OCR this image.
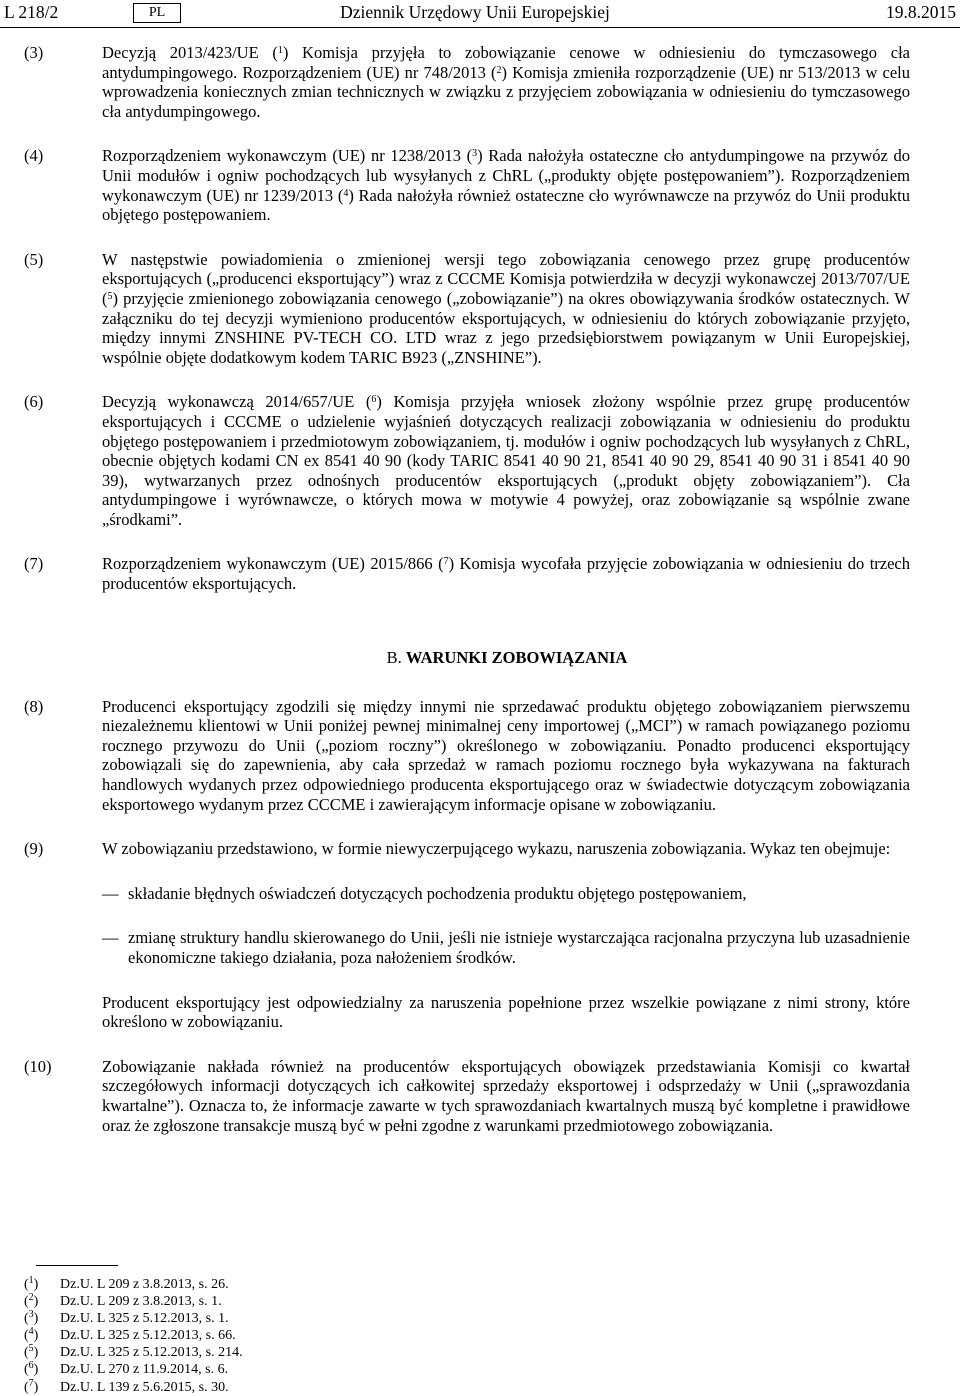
L 218/2	PL	Dziennik Urzędowy Unii Europejskiej	19.8.2015
(3)	Decyzją 2013/423/UE ($^1$) Komisja przyjęła to zobowiązanie cenowe w odniesieniu do tymczasowego cła antydumpingowego. Rozporządzeniem (UE) nr 748/2013 ($^2$) Komisja zmieniła rozporządzenie (UE) nr 513/2013 w celu wprowadzenia koniecznych zmian technicznych w związku z przyjęciem zobowiązania w odniesieniu do tymczasowego cła antydumpingowego.
(4)	Rozporządzeniem wykonawczym (UE) nr 1238/2013 ($^3$) Rada nałożyła ostateczne cło antydumpingowe na przywóz do Unii modułów i ogniw pochodzących lub wysyłanych z ChRL („produkty objęte postępowaniem”). Rozporządzeniem wykonawczym (UE) nr 1239/2013 ($^4$) Rada nałożyła również ostateczne cło wyrównawcze na przywóz do Unii produktu objętego postępowaniem.
(5)	W następstwie powiadomienia o zmienionej wersji tego zobowiązania cenowego przez grupę producentów eksportujących („producenci eksportujący”) wraz z CCCME Komisja potwierdziła w decyzji wykonawczej 2013/707/UE ($^5$) przyjęcie zmienionego zobowiązania cenowego („zobowiązanie”) na okres obowiązywania środków ostatecznych. W załączniku do tej decyzji wymieniono producentów eksportujących, w odniesieniu do których zobowiązanie przyjęto, między innymi ZNSHINE PV-TECH CO. LTD wraz z jego przedsiębiorstwem powiązanym w Unii Europejskiej, wspólnie objęte dodatkowym kodem TARIC B923 („ZNSHINE”).
(6)	Decyzją wykonawczą 2014/657/UE ($^6$) Komisja przyjęła wniosek złożony wspólnie przez grupę producentów eksportujących i CCCME o udzielenie wyjaśnień dotyczących realizacji zobowiązania w odniesieniu do produktu objętego postępowaniem i przedmiotowym zobowiązaniem, tj. modułów i ogniw pochodzących lub wysyłanych z ChRL, obecnie objętych kodami CN ex 8541 40 90 (kody TARIC 8541 40 90 21, 8541 40 90 29, 8541 40 90 31 i 8541 40 90 39), wytwarzanych przez odnośnych producentów eksportujących („produkt objęty zobowiązaniem”). Cła antydumpingowe i wyrównawcze, o których mowa w motywie 4 powyżej, oraz zobowiązanie są wspólnie zwane „środkami”.
(7)	Rozporządzeniem wykonawczym (UE) 2015/866 ($^7$) Komisja wycofała przyjęcie zobowiązania w odniesieniu do trzech producentów eksportujących.
B. WARUNKI ZOBOWIĄZANIA
(8)	Producenci eksportujący zgodzili się między innymi nie sprzedawać produktu objętego zobowiązaniem pierwszemu niezależnemu klientowi w Unii poniżej pewnej minimalnej ceny importowej („MCI”) w ramach powiązanego poziomu rocznego przywozu do Unii („poziom roczny”) określonego w zobowiązaniu. Ponadto producenci eksportujący zobowiązali się do zapewnienia, aby cała sprzedaż w ramach poziomu rocznego była wykazywana na fakturach handlowych wydanych przez odpowiedniego producenta eksportującego oraz w świadectwie dotyczącym zobowiązania eksportowego wydanym przez CCCME i zawierającym informacje opisane w zobowiązaniu.
(9)	W zobowiązaniu przedstawiono, w formie niewyczerpującego wykazu, naruszenia zobowiązania. Wykaz ten obejmuje:
— składanie błędnych oświadczeń dotyczących pochodzenia produktu objętego postępowaniem,
— zmianę struktury handlu skierowanego do Unii, jeśli nie istnieje wystarczająca racjonalna przyczyna lub uzasadnienie ekonomiczne takiego działania, poza nałożeniem środków.
Producent eksportujący jest odpowiedzialny za naruszenia popełnione przez wszelkie powiązane z nimi strony, które określono w zobowiązaniu.
(10)	Zobowiązanie nakłada również na producentów eksportujących obowiązek przedstawiania Komisji co kwartał szczegółowych informacji dotyczących ich całkowitej sprzedaży eksportowej i odsprzedaży w Unii („sprawozdania kwartalne”). Oznacza to, że informacje zawarte w tych sprawozdaniach kwartalnych muszą być kompletne i prawidłowe oraz że zgłoszone transakcje muszą być w pełni zgodne z warunkami przedmiotowego zobowiązania.
($^1$) Dz.U. L 209 z 3.8.2013, s. 26.
($^2$) Dz.U. L 209 z 3.8.2013, s. 1.
($^3$) Dz.U. L 325 z 5.12.2013, s. 1.
($^4$) Dz.U. L 325 z 5.12.2013, s. 66.
($^5$) Dz.U. L 325 z 5.12.2013, s. 214.
($^6$) Dz.U. L 270 z 11.9.2014, s. 6.
($^7$) Dz.U. L 139 z 5.6.2015, s. 30.
